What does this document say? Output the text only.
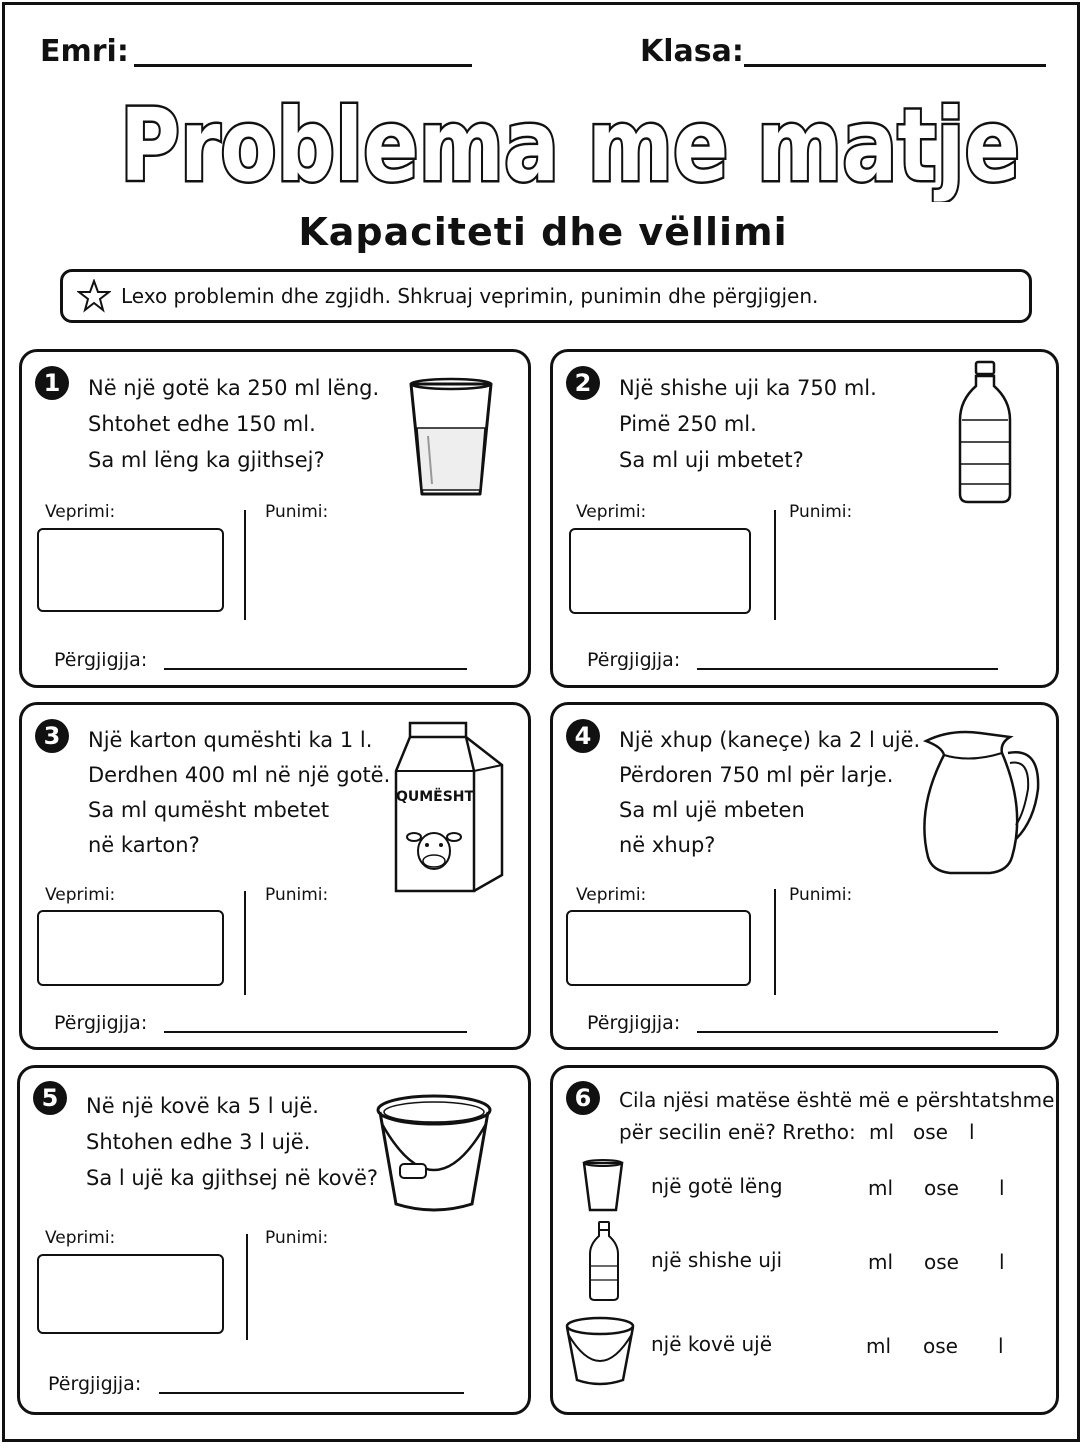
Emri:	Klasa:
Problema me matje
Kapaciteti dhe vëllimi
Lexo problemin dhe zgjidh. Shkruaj veprimin, punimin dhe përgjigjen.
1	Në një gotë ka 250 ml lëng.
Shtohet edhe 150 ml.
Sa ml lëng ka gjithsej?
Veprimi:	Punimi:
Përgjigjja:
2	Një shishe uji ka 750 ml.
Pimë 250 ml.
Sa ml uji mbetet?
Veprimi:	Punimi:
Përgjigjja:
3	Një karton qumështi ka 1 l.
Derdhen 400 ml në një gotë.
Sa ml qumësht mbetet
në karton?
QUMËSHT
Veprimi:	Punimi:
Përgjigjja:
4	Një xhup (kaneçe) ka 2 l ujë.
Përdoren 750 ml për larje.
Sa ml ujë mbeten
në xhup?
Veprimi:	Punimi:
Përgjigjja:
5	Në një kovë ka 5 l ujë.
Shtohen edhe 3 l ujë.
Sa l ujë ka gjithsej në kovë?
Veprimi:	Punimi:
Përgjigjja:
6	Cila njësi matëse është më e përshtatshme
për secilin enë? Rretho: ml ose l
një gotë lëng	ml ose l
një shishe uji	ml ose l
një kovë ujë	ml ose l
